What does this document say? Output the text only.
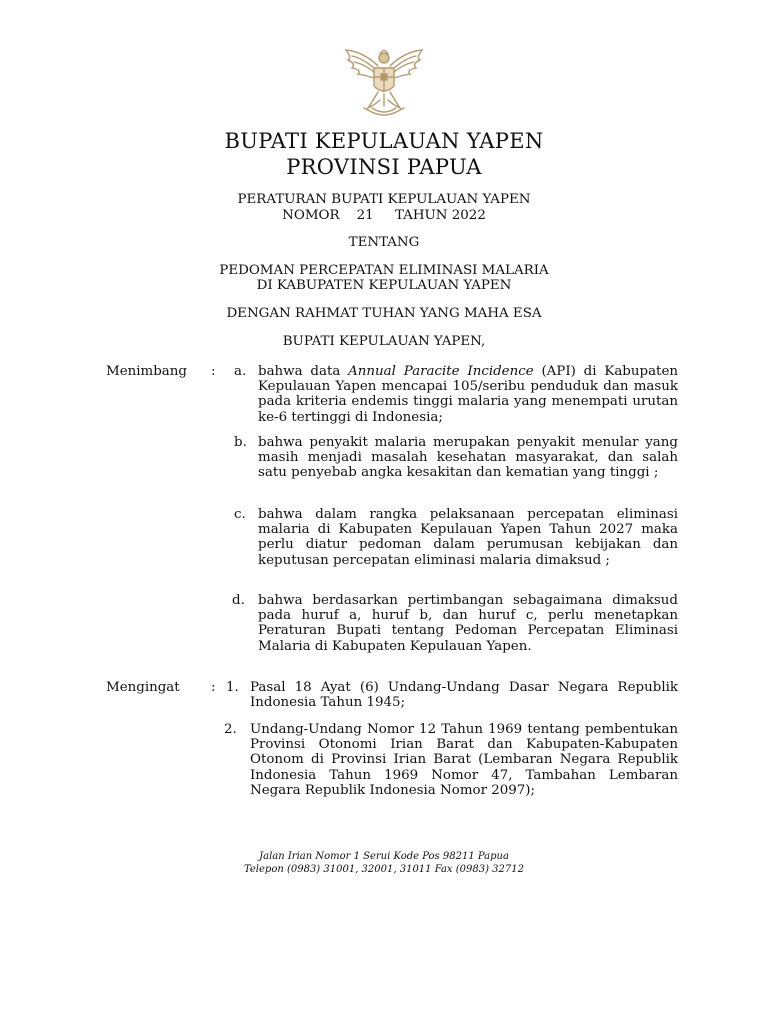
BUPATI KEPULAUAN YAPEN
PROVINSI PAPUA
PERATURAN BUPATI KEPULAUAN YAPEN
NOMOR    21     TAHUN 2022
TENTANG
PEDOMAN PERCEPATAN ELIMINASI MALARIA
DI KABUPATEN KEPULAUAN YAPEN
DENGAN RAHMAT TUHAN YANG MAHA ESA
BUPATI KEPULAUAN YAPEN,
Menimbang : a. bahwa data Annual Paracite Incidence (API) di Kabupaten Kepulauan Yapen mencapai 105/seribu penduduk dan masuk pada kriteria endemis tinggi malaria yang menempati urutan ke-6 tertinggi di Indonesia;
b. bahwa penyakit malaria merupakan penyakit menular yang masih menjadi masalah kesehatan masyarakat, dan salah satu penyebab angka kesakitan dan kematian yang tinggi ;
c. bahwa dalam rangka pelaksanaan percepatan eliminasi malaria di Kabupaten Kepulauan Yapen Tahun 2027 maka perlu diatur pedoman dalam perumusan kebijakan dan keputusan percepatan eliminasi malaria dimaksud ;
d. bahwa berdasarkan pertimbangan sebagaimana dimaksud pada huruf a, huruf b, dan huruf c, perlu menetapkan Peraturan Bupati tentang Pedoman Percepatan Eliminasi Malaria di Kabupaten Kepulauan Yapen.
Mengingat : 1. Pasal 18 Ayat (6) Undang-Undang Dasar Negara Republik Indonesia Tahun 1945;
2. Undang-Undang Nomor 12 Tahun 1969 tentang pembentukan Provinsi Otonomi Irian Barat dan Kabupaten-Kabupaten Otonom di Provinsi Irian Barat (Lembaran Negara Republik Indonesia Tahun 1969 Nomor 47, Tambahan Lembaran Negara Republik Indonesia Nomor 2097);
Jalan Irian Nomor 1 Serui Kode Pos 98211 Papua
Telepon (0983) 31001, 32001, 31011 Fax (0983) 32712
